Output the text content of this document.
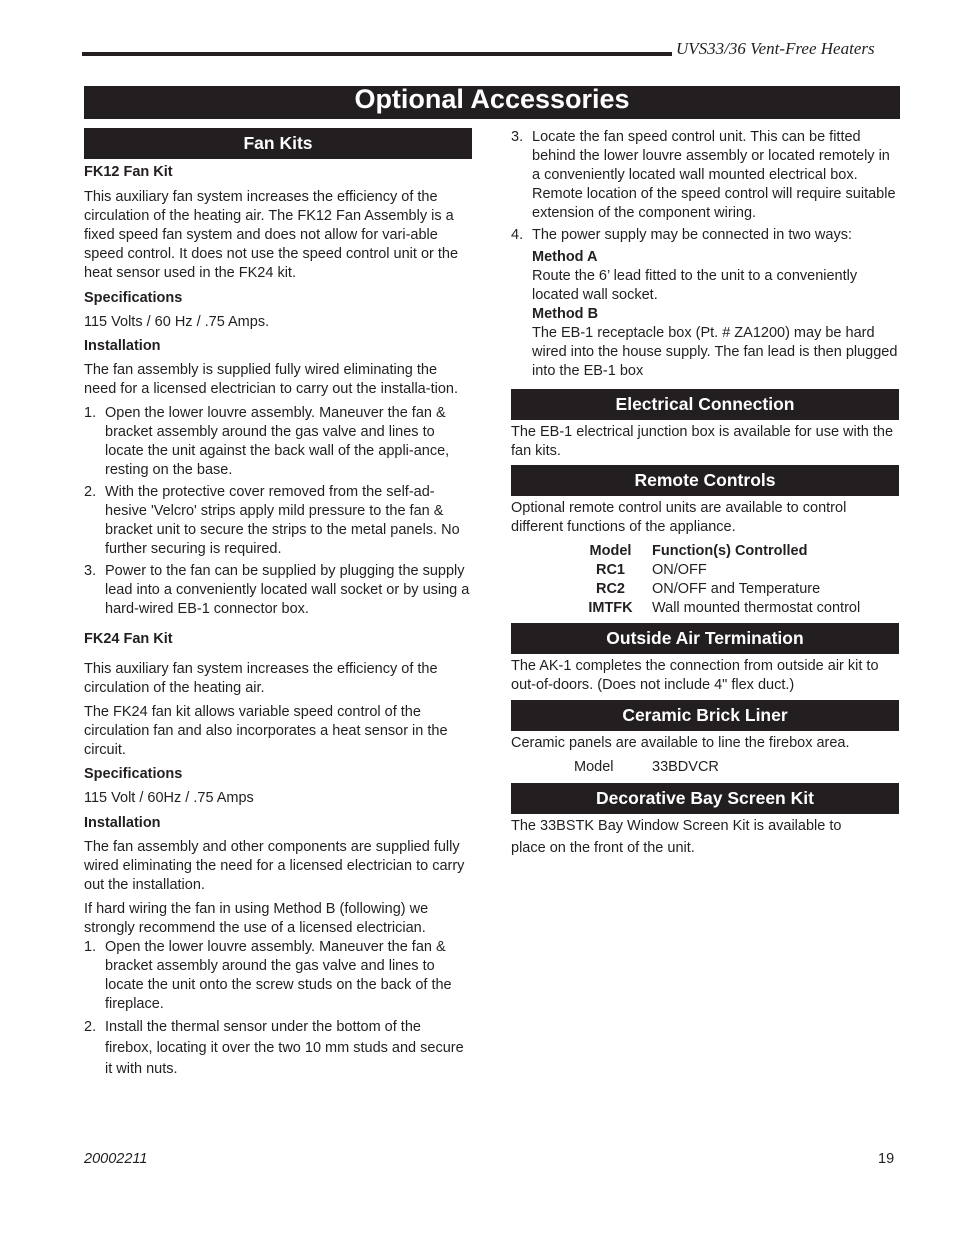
UVS33/36 Vent-Free Heaters
Optional Accessories
Fan Kits
FK12 Fan Kit

This auxiliary fan system increases the efficiency of the circulation of the heating air. The FK12 Fan Assembly is a fixed speed fan system and does not allow for vari-able speed control. It does not use the speed control unit or the heat sensor used in the FK24 kit.

Specifications

115 Volts / 60 Hz / .75 Amps.

Installation

The fan assembly is supplied fully wired eliminating the need for a licensed electrician to carry out the installa-tion.

1. Open the lower louvre assembly. Maneuver the fan & bracket assembly around the gas valve and lines to locate the unit against the back wall of the appli-ance, resting on the base.
2. With the protective cover removed from the self-ad-hesive 'Velcro' strips apply mild pressure to the fan & bracket unit to secure the strips to the metal panels. No further securing is required.
3. Power to the fan can be supplied by plugging the supply lead into a conveniently located wall socket or by using a hard-wired EB-1 connector box.
FK24 Fan Kit

This auxiliary fan system increases the efficiency of the circulation of the heating air.

The FK24 fan kit allows variable speed control of the circulation fan and also incorporates a heat sensor in the circuit.

Specifications

115 Volt / 60Hz / .75 Amps

Installation

The fan assembly and other components are supplied fully wired eliminating the need for a licensed electrician to carry out the installation.

If hard wiring the fan in using Method B (following) we strongly recommend the use of a licensed electrician.

1. Open the lower louvre assembly. Maneuver the fan & bracket assembly around the gas valve and lines to locate the unit onto the screw studs on the back of the fireplace.
2. Install the thermal sensor under the bottom of the firebox, locating it over the two 10 mm studs and secure it with nuts.
3. Locate the fan speed control unit. This can be fitted behind the lower louvre assembly or located remotely in a conveniently located wall mounted electrical box. Remote location of the speed control will require suitable extension of the component wiring.
4. The power supply may be connected in two ways:
Method A
Route the 6’ lead fitted to the unit to a conveniently located wall socket.
Method B
The EB-1 receptacle box (Pt. # ZA1200) may be hard wired into the house supply. The fan lead is then plugged into the EB-1 box
Electrical Connection

The EB-1 electrical junction box is available for use with the fan kits.

Remote Controls

Optional remote control units are available to control different functions of the appliance.

Model	Function(s) Controlled
RC1	ON/OFF
RC2	ON/OFF and Temperature
IMTFK	Wall mounted thermostat control
Outside Air Termination

The AK-1 completes the connection from outside air kit to out-of-doors. (Does not include 4" flex duct.)

Ceramic Brick Liner

Ceramic panels are available to line the firebox area.

Model	33BDVCR
Decorative Bay Screen Kit

The 33BSTK Bay Window Screen Kit is available to

place on the front of the unit.

20002211	19
